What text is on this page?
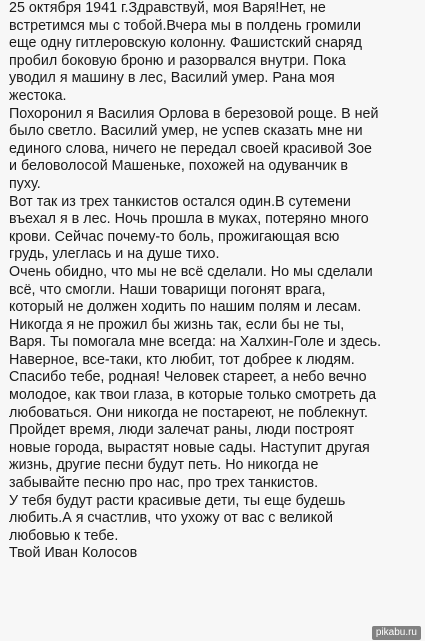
25 октября 1941 г.Здравствуй, моя Варя!Нет, не
встретимся мы с тобой.Вчера мы в полдень громили
еще одну гитлеровскую колонну. Фашистский снаряд
пробил боковую броню и разорвался внутри. Пока
уводил я машину в лес, Василий умер. Рана моя
жестока.
Похоронил я Василия Орлова в березовой роще. В ней
было светло. Василий умер, не успев сказать мне ни
единого слова, ничего не передал своей красивой Зое
и беловолосой Машеньке, похожей на одуванчик в
пуху.
Вот так из трех танкистов остался один.В сутемени
въехал я в лес. Ночь прошла в муках, потеряно много
крови. Сейчас почему-то боль, прожигающая всю
грудь, улеглась и на душе тихо.
Очень обидно, что мы не всё сделали. Но мы сделали
всё, что смогли. Наши товарищи погонят врага,
который не должен ходить по нашим полям и лесам.
Никогда я не прожил бы жизнь так, если бы не ты,
Варя. Ты помогала мне всегда: на Халхин-Голе и здесь.
Наверное, все-таки, кто любит, тот добрее к людям.
Спасибо тебе, родная! Человек стареет, а небо вечно
молодое, как твои глаза, в которые только смотреть да
любоваться. Они никогда не постареют, не поблекнут.
Пройдет время, люди залечат раны, люди построят
новые города, вырастят новые сады. Наступит другая
жизнь, другие песни будут петь. Но никогда не
забывайте песню про нас, про трех танкистов.
У тебя будут расти красивые дети, ты еще будешь
любить.А я счастлив, что ухожу от вас с великой
любовью к тебе.
Твой Иван Колосов
pikabu.ru
